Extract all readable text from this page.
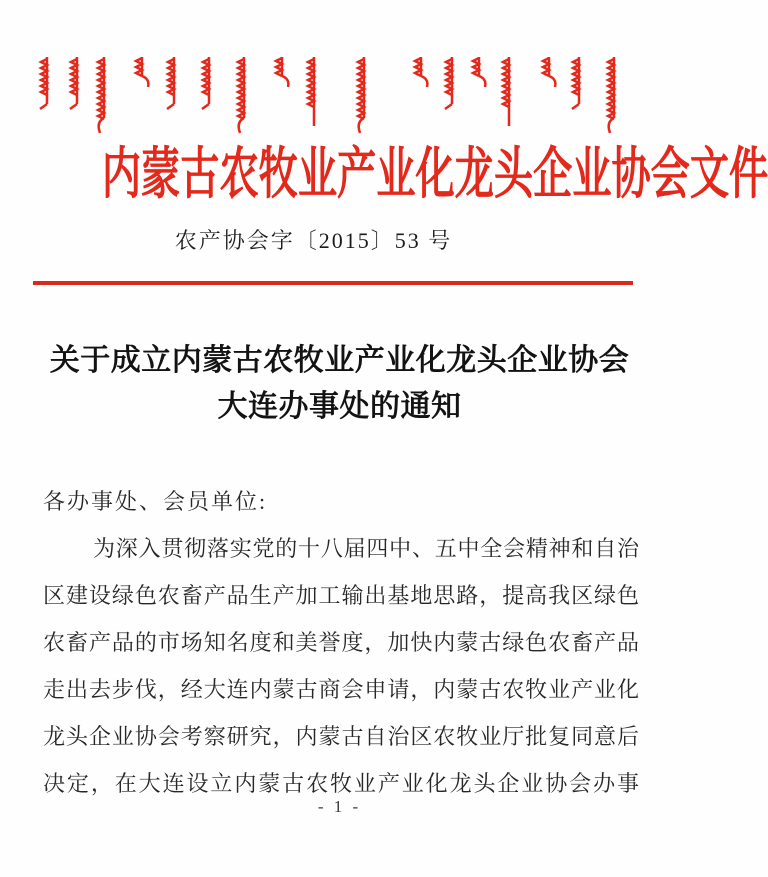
内蒙古农牧业产业化龙头企业协会文件
农产协会字〔2015〕53 号
关于成立内蒙古农牧业产业化龙头企业协会
大连办事处的通知
各办事处、会员单位:
为深入贯彻落实党的十八届四中、五中全会精神和自治
区建设绿色农畜产品生产加工输出基地思路，提高我区绿色
农畜产品的市场知名度和美誉度，加快内蒙古绿色农畜产品
走出去步伐，经大连内蒙古商会申请，内蒙古农牧业产业化
龙头企业协会考察研究，内蒙古自治区农牧业厅批复同意后
决定，在大连设立内蒙古农牧业产业化龙头企业协会办事
- 1 -
